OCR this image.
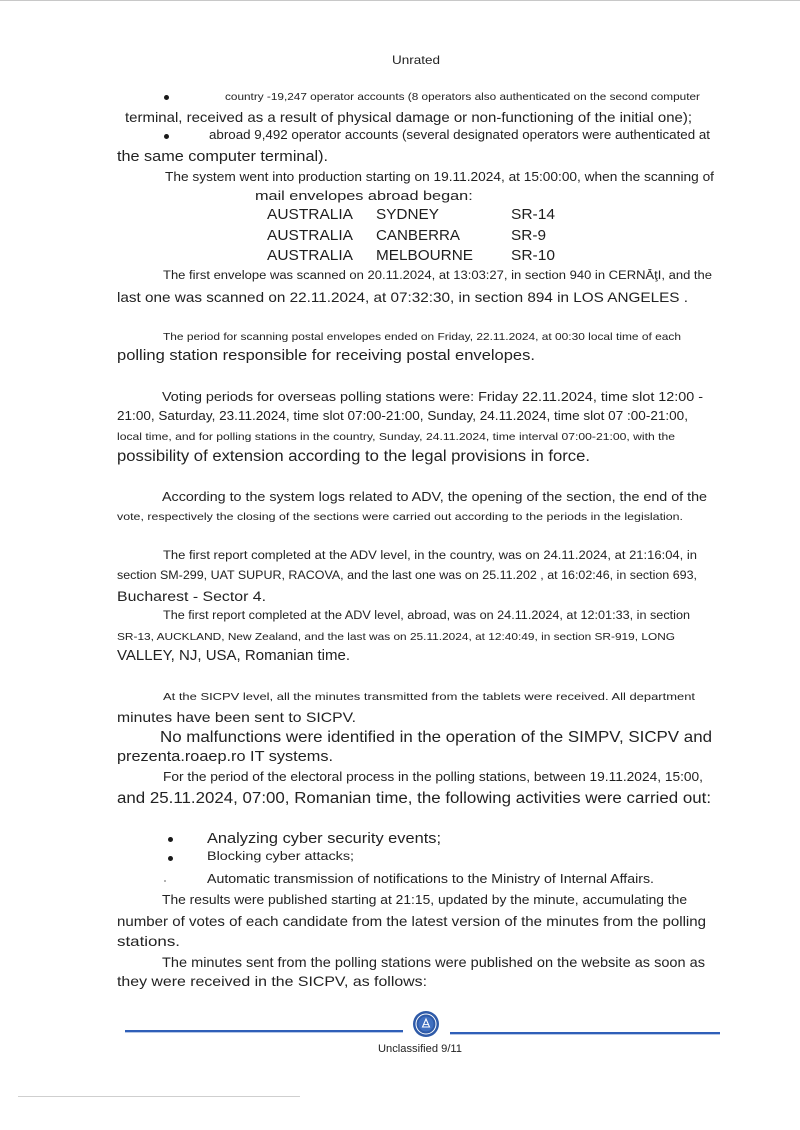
Unrated
country -19,247 operator accounts (8 operators also authenticated on the second computer
terminal, received as a result of physical damage or non-functioning of the initial one);
abroad 9,492 operator accounts (several designated operators were authenticated at
the same computer terminal).
The system went into production starting on 19.11.2024, at 15:00:00, when the scanning of
mail envelopes abroad began:
AUSTRALIA SYDNEY	SR-14
AUSTRALIA CANBERRA	SR-9
AUSTRALIA MELBOURNE	SR-10
The first envelope was scanned on 20.11.2024, at 13:03:27, in section 940 in CERNĂţI, and the
last one was scanned on 22.11.2024, at 07:32:30, in section 894 in LOS ANGELES .
The period for scanning postal envelopes ended on Friday, 22.11.2024, at 00:30 local time of each
polling station responsible for receiving postal envelopes.
Voting periods for overseas polling stations were: Friday 22.11.2024, time slot 12:00 -
21:00, Saturday, 23.11.2024, time slot 07:00-21:00, Sunday, 24.11.2024, time slot 07 :00-21:00,
local time, and for polling stations in the country, Sunday, 24.11.2024, time interval 07:00-21:00, with the
possibility of extension according to the legal provisions in force.
According to the system logs related to ADV, the opening of the section, the end of the
vote, respectively the closing of the sections were carried out according to the periods in the legislation.
The first report completed at the ADV level, in the country, was on 24.11.2024, at 21:16:04, in
section SM-299, UAT SUPUR, RACOVA, and the last one was on 25.11.202 , at 16:02:46, in section 693,
Bucharest - Sector 4.
The first report completed at the ADV level, abroad, was on 24.11.2024, at 12:01:33, in section
SR-13, AUCKLAND, New Zealand, and the last was on 25.11.2024, at 12:40:49, in section SR-919, LONG
VALLEY, NJ, USA, Romanian time.
At the SICPV level, all the minutes transmitted from the tablets were received. All department
minutes have been sent to SICPV.
No malfunctions were identified in the operation of the SIMPV, SICPV and
prezenta.roaep.ro IT systems.
For the period of the electoral process in the polling stations, between 19.11.2024, 15:00,
and 25.11.2024, 07:00, Romanian time, the following activities were carried out:
Analyzing cyber security events;
Blocking cyber attacks;
Automatic transmission of notifications to the Ministry of Internal Affairs.
The results were published starting at 21:15, updated by the minute, accumulating the
number of votes of each candidate from the latest version of the minutes from the polling
stations.
The minutes sent from the polling stations were published on the website as soon as
they were received in the SICPV, as follows:
Unclassified 9/11
